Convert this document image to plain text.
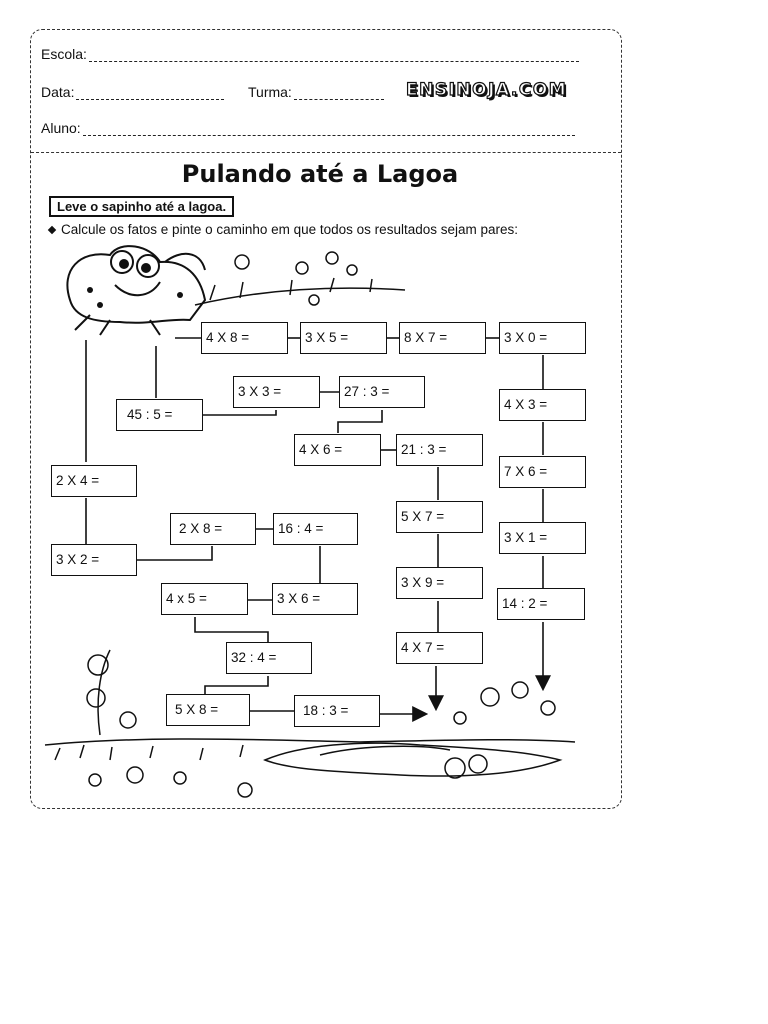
Escola:
Data:	Turma:	ENSINOJA.COM
Aluno:
Pulando até a Lagoa
Leve o sapinho até a lagoa.
Calcule os fatos e pinte o caminho em que todos os resultados sejam pares:
4 X 8 =	3 X 5 =	8 X 7 =	3 X 0 =
3 X 3 =	27 : 3 =
45 : 5 =
4 X 3 =
4 X 6 =	21 : 3 =
2 X 4 =
7 X 6 =
2 X 8 =	16 : 4 =
5 X 7 =
3 X 1 =
3 X 2 =
3 X 9 =
4 x 5 =	3 X 6 =	14 : 2 =
32 : 4 =
4 X 7 =
5 X 8 =	18 : 3 =
